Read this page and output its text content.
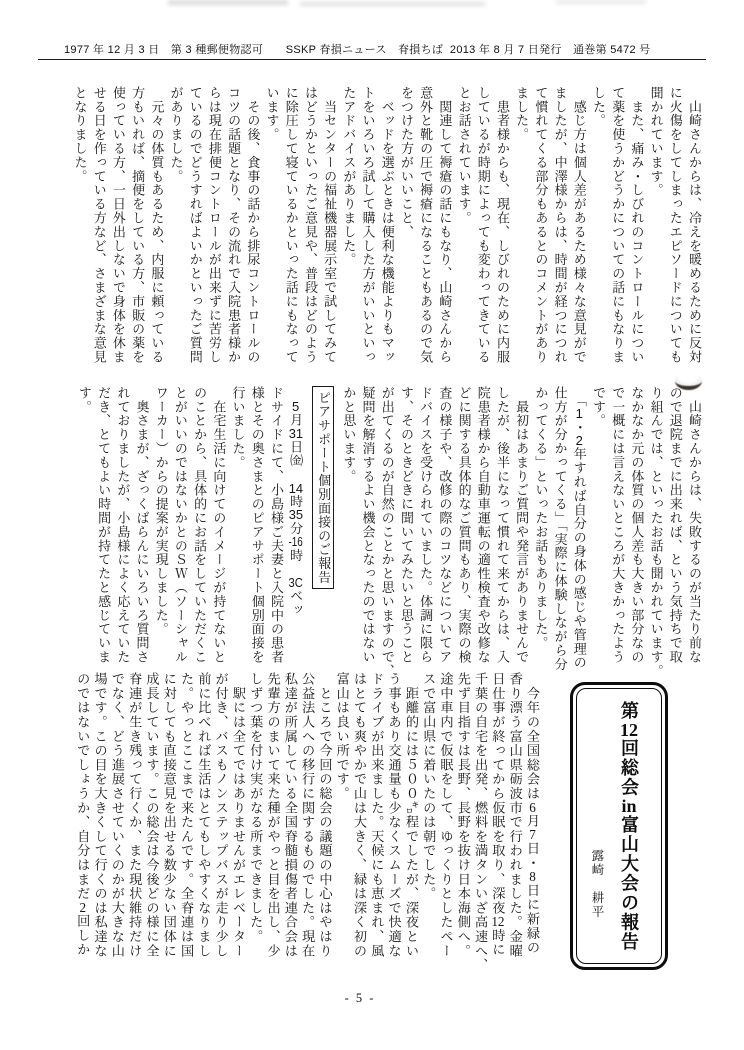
1977 年 12 月 3 日　第 3 種郵便物認可　　SSKP 脊損ニュース　脊損ちば  2013 年 8 月 7 日発行　通巻第 5472 号
　山崎さんからは、冷えを暖めるために反対
に火傷をしてしまったエピソードについても
聞かれています。
　また、痛み・しびれのコントロールについ
て薬を使うかどうかについての話にもなりま
した。
　感じ方は個人差があるため様々な意見がで
ましたが、中澤様からは、時間が経つにつれ
て慣れてくる部分もあるとのコメントがあり
ました。
　患者様からも、現在、しびれのために内服
しているが時期によっても変わってきている
とお話されています。
　関連して褥瘡の話にもなり、山崎さんから
意外と靴の圧で褥瘡になることもあるので気
をつけた方がいいこと、
　ベッドを選ぶときは便利な機能よりもマッ
トをいろいろ試して購入した方がいいといっ
たアドバイスがありました。
　当センターの福祉機器展示室で試してみて
はどうかといったご意見や、普段はどのよう
に除圧して寝ているかといった話にもなって
います。
　その後、食事の話から排尿コントロールの
コツの話題となり、その流れで入院患者様か
らは現在排便コントロールが出来ずに苦労し
ているのでどうすればよいかといったご質問
がありました。
　元々の体質もあるため、内服に頼っている
方もいれば、摘便をしている方、市販の薬を
使っている方、一日外出しないで身体を休ま
せる日を作っている方など、さまざまな意見
となりました。
　山崎さんからは、失敗するのが当たり前な
ので退院までに出来れば、という気持ちで取
り組んでは、といったお話も聞かれています。
なかなか元の体質の個人差も大きい部分なの
で一概には言えないところが大きかったよう
です。
　「1・2年すれば自分の身体の感じや管理の
仕方が分かってくる」「実際に体験しながら分
かってくる」といったお話もありました。
　最初はあまりご質問や発言がありませんで
したが、後半になって慣れて来てからは、入
院患者様から自動車運転の適性検査や改修な
どに関する具体的なご質問もあり、実際の検
査の様子や、改修の際のコツなどについてア
ドバイスを受けられていました。体調に限ら
す、そのときどきに聞いてみたいと思うこと
が出てくるのが自然のことかと思いますので、
疑問を解消するよい機会となったのではない
かと思います。
ピアサポート個別面接のご報告
　5月31日㈮　14時35分-16時　3Cベッ
ドサイドにて、小島様ご夫妻と入院中の患者
様とその奥さまとのピアサポート個別面接を
行いました。
　在宅生活に向けてのイメージが持てないと
のことから、具体的にお話をしていただくこ
とがいいのではないかとのＳＷ（ソーシャル
ワーカー）からの提案が実現しました。
　奥さまが、ざっくばらんにいろいろ質問さ
れておりましたが、小島様によく応えていた
だき、とてもよい時間が持てたと感じていま
す。
　今年の全国総会は6月7日・8日に新緑の
香り漂う富山県砺波市で行われました。金曜
日仕事が終ってから仮眠を取り、深夜12時に
千葉の自宅を出発、燃料を満タンいざ高速へ、
先ず目指すは長野、長野を抜け日本海側へ。
途中車内で仮眠をして、ゆっくりとしたペー
スで富山県に着いたのは朝でした。
　距離的には５００㌔程でしたが、深夜とい
う事もあり交通量も少なくスムーズで快適な
ドライブが出来ました。天候にも恵まれ、風
はとても爽やかで山は大きく、緑は深く初の
富山は良い所です。
　ところで今回の総会の議題の中心はやはり
公益法人への移行に関するものでした。現在
私達が所属している全国脊髄損傷者連合会は
先輩方のまいて来た種がやっと目を出し、少
しずつ葉を付け実がなる所まできました。
　駅には全てではありませんがエレベーター
が付き、バスもノンステップバスが走り少し
前に比べれば生活はとてもしやすくなりまし
た。やっとここまで来たんです。全脊連は国
に対しても直接意見を出せる数少ない団体に
成長しています。この総会は今後どの様に全
脊連が生き残って行くか、また現状維持だけ
でなく、どう進展させていくのかが大きな山
場です。この目を大きくして行くのは私達な
のではないでしょうか、自分はまだ2回しか
第12回総会in富山大会の報告
露崎　耕平
- 5 -
